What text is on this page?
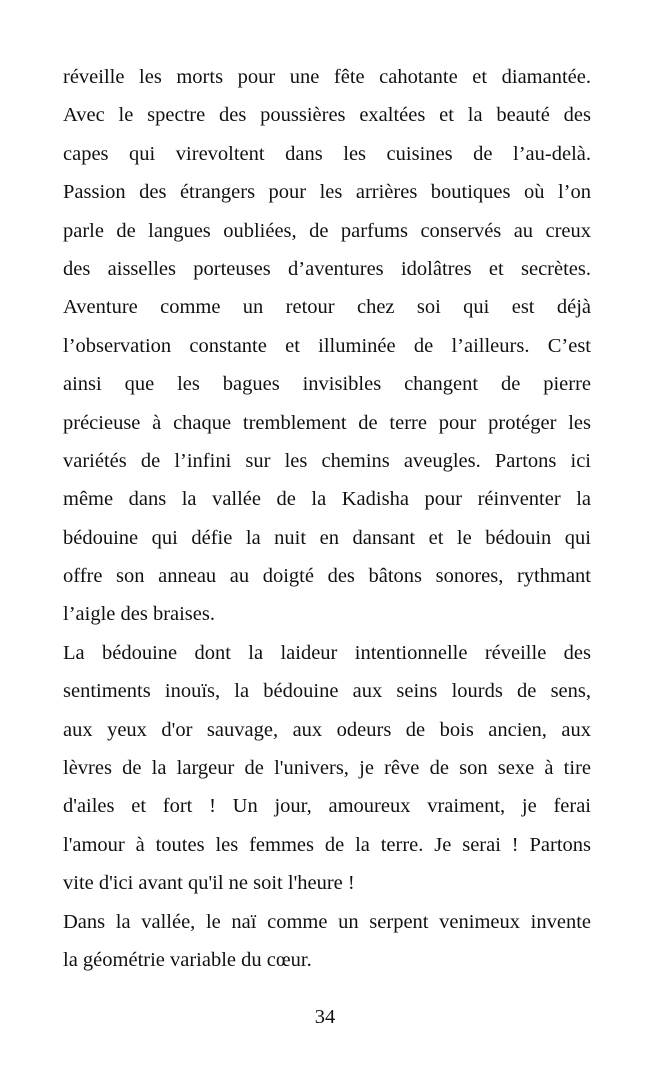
réveille les morts pour une fête cahotante et diamantée.
Avec le spectre des poussières exaltées et la beauté des
capes qui virevoltent dans les cuisines de l’au-delà.
Passion des étrangers pour les arrières boutiques où l’on
parle de langues oubliées, de parfums conservés au creux
des aisselles porteuses d’aventures idolâtres et secrètes.
Aventure comme un retour chez soi qui est déjà
l’observation constante et illuminée de l’ailleurs. C’est
ainsi que les bagues invisibles changent de pierre
précieuse à chaque tremblement de terre pour protéger les
variétés de l’infini sur les chemins aveugles. Partons ici
même dans la vallée de la Kadisha pour réinventer la
bédouine qui défie la nuit en dansant et le bédouin qui
offre son anneau au doigté des bâtons sonores, rythmant
l’aigle des braises.
La bédouine dont la laideur intentionnelle réveille des
sentiments inouïs, la bédouine aux seins lourds de sens,
aux yeux d'or sauvage, aux odeurs de bois ancien, aux
lèvres de la largeur de l'univers, je rêve de son sexe à tire
d'ailes et fort ! Un jour, amoureux vraiment, je ferai
l'amour à toutes les femmes de la terre. Je serai ! Partons
vite d'ici avant qu'il ne soit l'heure !
Dans la vallée, le naï comme un serpent venimeux invente
la géométrie variable du cœur.
34
